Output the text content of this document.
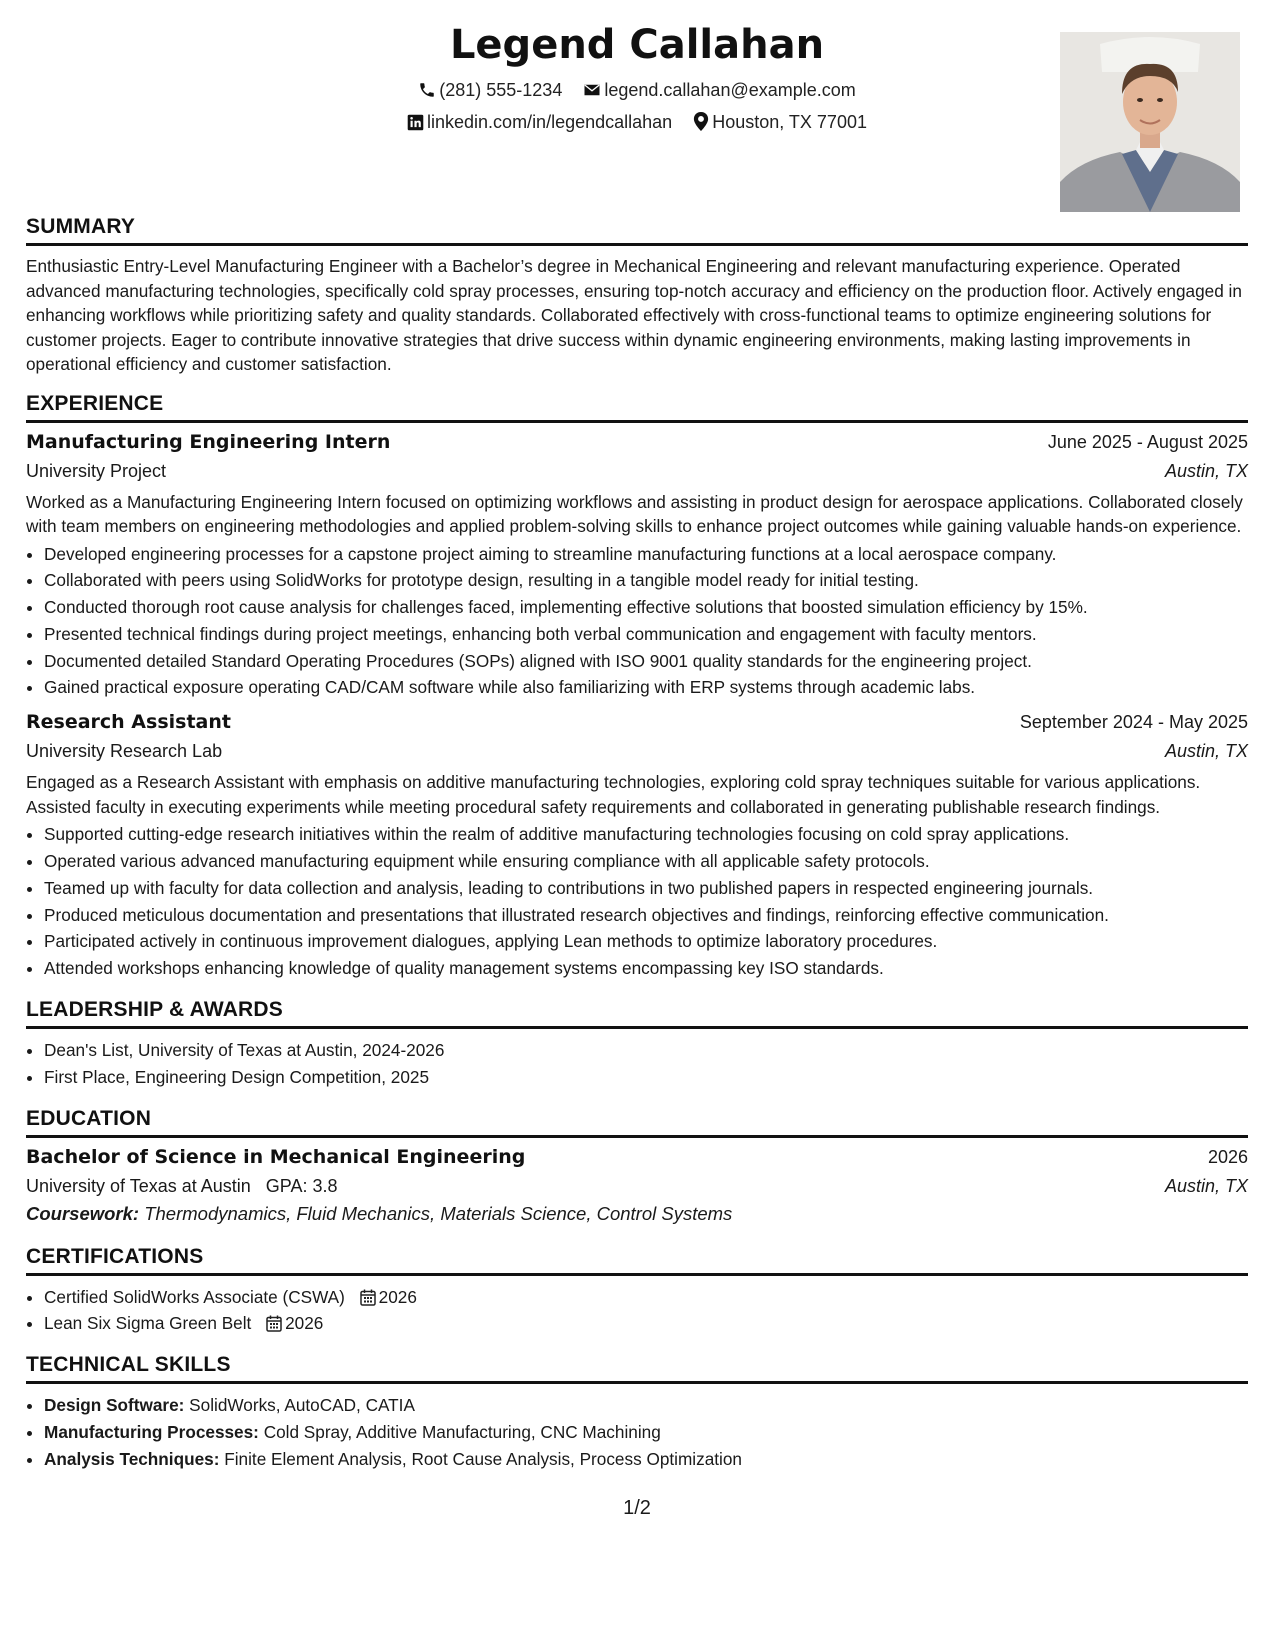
Legend Callahan
(281) 555-1234 legend.callahan@example.com
linkedin.com/in/legendcallahan Houston, TX 77001
SUMMARY

Enthusiastic Entry-Level Manufacturing Engineer with a Bachelor’s degree in Mechanical Engineering and relevant manufacturing experience. Operated advanced manufacturing technologies, specifically cold spray processes, ensuring top-notch accuracy and efficiency on the production floor. Actively engaged in enhancing workflows while prioritizing safety and quality standards. Collaborated effectively with cross-functional teams to optimize engineering solutions for customer projects. Eager to contribute innovative strategies that drive success within dynamic engineering environments, making lasting improvements in operational efficiency and customer satisfaction.

EXPERIENCE
Manufacturing Engineering Intern	June 2025 - August 2025
University Project	Austin, TX

Worked as a Manufacturing Engineering Intern focused on optimizing workflows and assisting in product design for aerospace applications. Collaborated closely with team members on engineering methodologies and applied problem-solving skills to enhance project outcomes while gaining valuable hands-on experience.

• Developed engineering processes for a capstone project aiming to streamline manufacturing functions at a local aerospace company.
• Collaborated with peers using SolidWorks for prototype design, resulting in a tangible model ready for initial testing.
• Conducted thorough root cause analysis for challenges faced, implementing effective solutions that boosted simulation efficiency by 15%.
• Presented technical findings during project meetings, enhancing both verbal communication and engagement with faculty mentors.
• Documented detailed Standard Operating Procedures (SOPs) aligned with ISO 9001 quality standards for the engineering project.
• Gained practical exposure operating CAD/CAM software while also familiarizing with ERP systems through academic labs.
Research Assistant	September 2024 - May 2025
University Research Lab	Austin, TX

Engaged as a Research Assistant with emphasis on additive manufacturing technologies, exploring cold spray techniques suitable for various applications. Assisted faculty in executing experiments while meeting procedural safety requirements and collaborated in generating publishable research findings.

• Supported cutting-edge research initiatives within the realm of additive manufacturing technologies focusing on cold spray applications.
• Operated various advanced manufacturing equipment while ensuring compliance with all applicable safety protocols.
• Teamed up with faculty for data collection and analysis, leading to contributions in two published papers in respected engineering journals.
• Produced meticulous documentation and presentations that illustrated research objectives and findings, reinforcing effective communication.
• Participated actively in continuous improvement dialogues, applying Lean methods to optimize laboratory procedures.
• Attended workshops enhancing knowledge of quality management systems encompassing key ISO standards.
LEADERSHIP & AWARDS
• Dean's List, University of Texas at Austin, 2024-2026
• First Place, Engineering Design Competition, 2025
EDUCATION
Bachelor of Science in Mechanical Engineering	2026
University of Texas at Austin GPA: 3.8	Austin, TX
Coursework: Thermodynamics, Fluid Mechanics, Materials Science, Control Systems
CERTIFICATIONS
• Certified SolidWorks Associate (CSWA) 2026
• Lean Six Sigma Green Belt 2026
TECHNICAL SKILLS
• Design Software: SolidWorks, AutoCAD, CATIA
• Manufacturing Processes: Cold Spray, Additive Manufacturing, CNC Machining
• Analysis Techniques: Finite Element Analysis, Root Cause Analysis, Process Optimization
1/2
